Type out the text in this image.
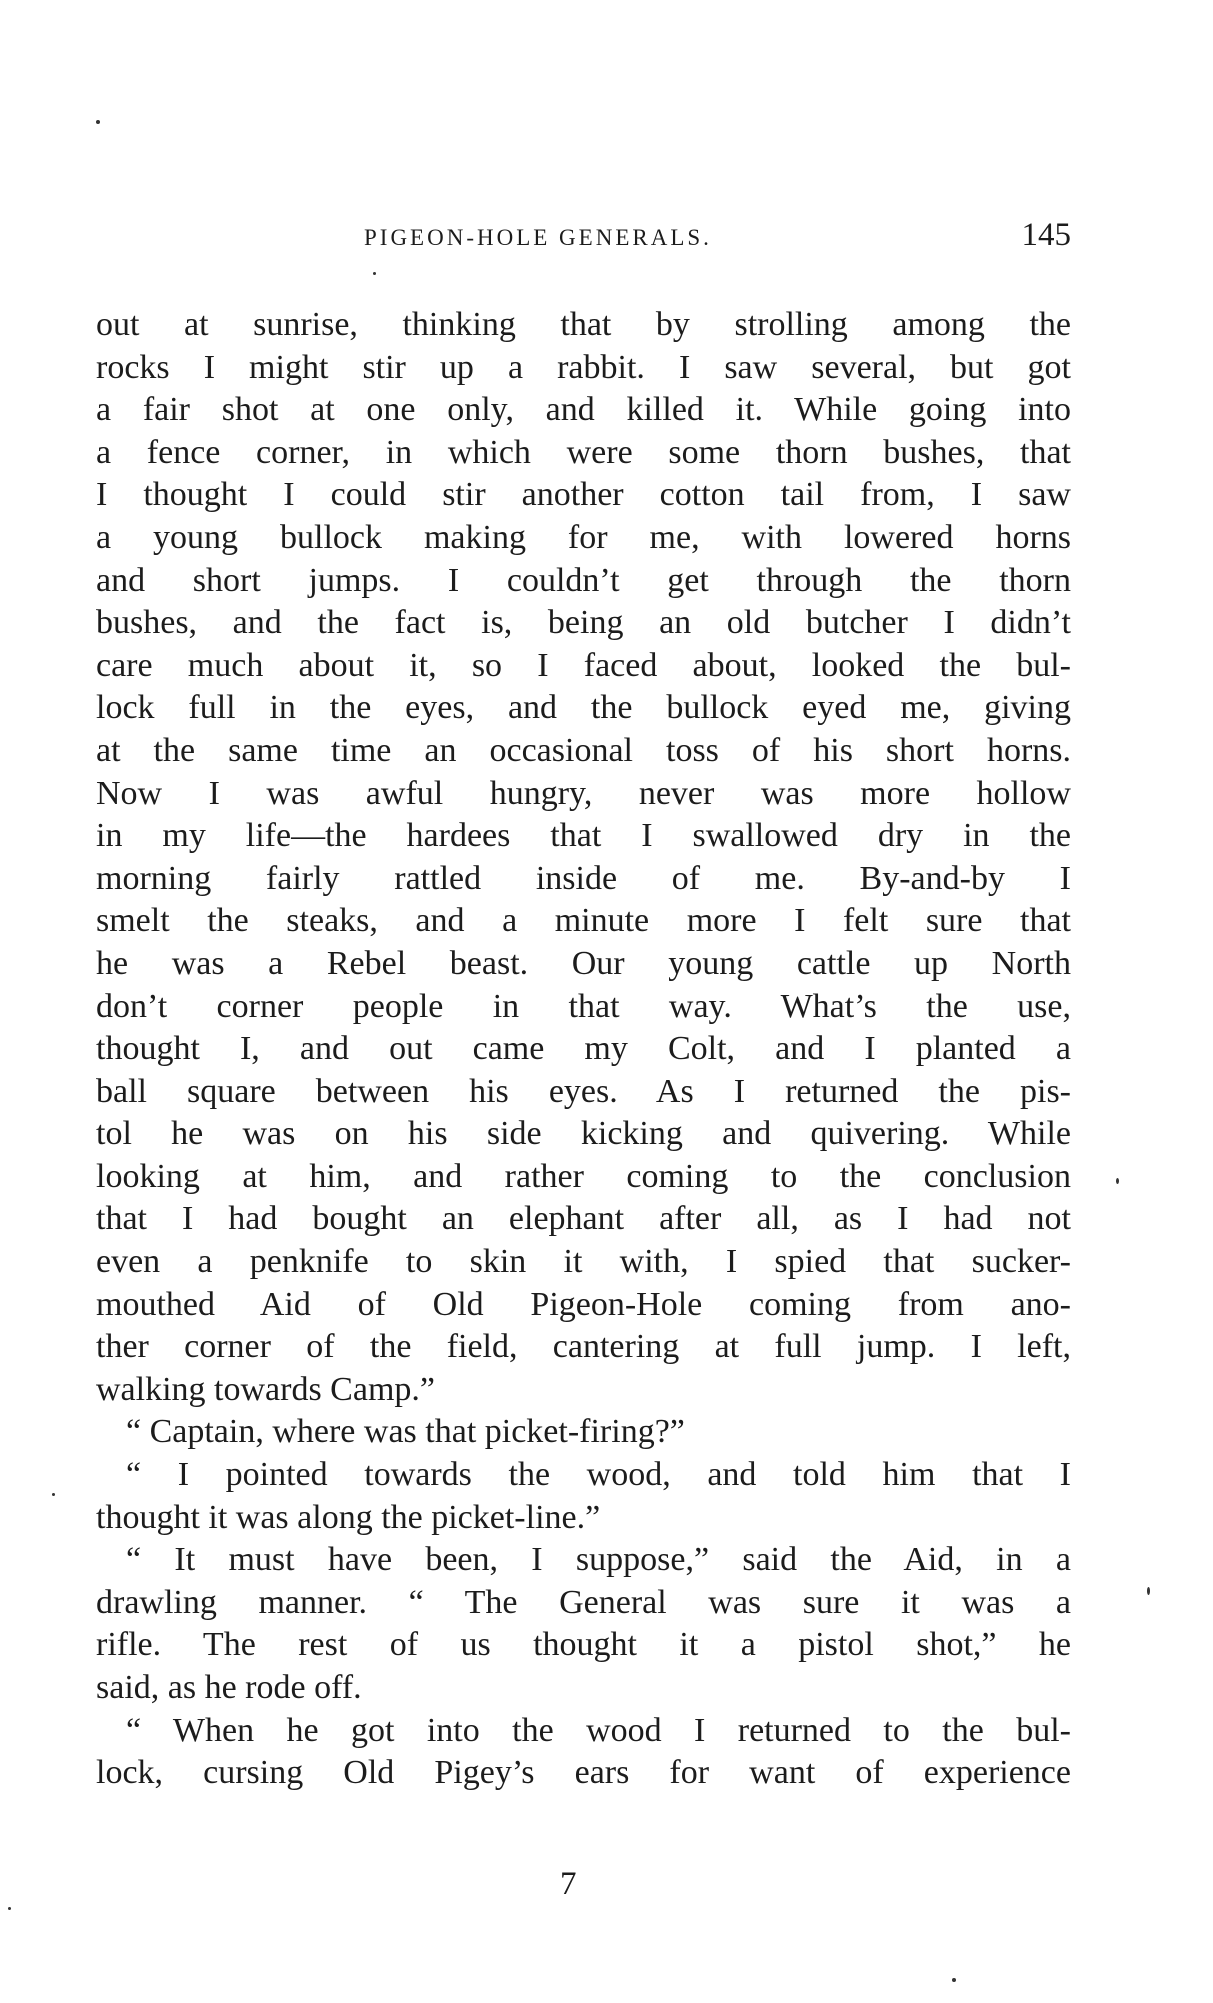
PIGEON-HOLE GENERALS.	145
out at sunrise, thinking that by strolling among the
rocks I might stir up a rabbit. I saw several, but got
a fair shot at one only, and killed it. While going into
a fence corner, in which were some thorn bushes, that
I thought I could stir another cotton tail from, I saw
a young bullock making for me, with lowered horns
and short jumps. I couldn’t get through the thorn
bushes, and the fact is, being an old butcher I didn’t
care much about it, so I faced about, looked the bul-
lock full in the eyes, and the bullock eyed me, giving
at the same time an occasional toss of his short horns.
Now I was awful hungry, never was more hollow
in my life—the hardees that I swallowed dry in the
morning fairly rattled inside of me. By-and-by I
smelt the steaks, and a minute more I felt sure that
he was a Rebel beast. Our young cattle up North
don’t corner people in that way. What’s the use,
thought I, and out came my Colt, and I planted a
ball square between his eyes. As I returned the pis-
tol he was on his side kicking and quivering. While
looking at him, and rather coming to the conclusion
that I had bought an elephant after all, as I had not
even a penknife to skin it with, I spied that sucker-
mouthed Aid of Old Pigeon-Hole coming from ano-
ther corner of the field, cantering at full jump. I left,
walking towards Camp.”
“ Captain, where was that picket-firing?”
“ I pointed towards the wood, and told him that I
thought it was along the picket-line.”
“ It must have been, I suppose,” said the Aid, in a
drawling manner. “ The General was sure it was a
rifle. The rest of us thought it a pistol shot,” he
said, as he rode off.
“ When he got into the wood I returned to the bul-
lock, cursing Old Pigey’s ears for want of experience
7
